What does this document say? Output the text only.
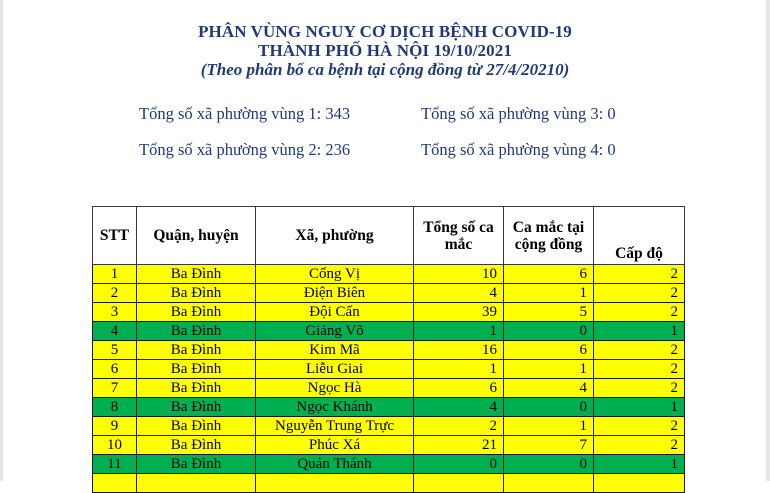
PHÂN VÙNG NGUY CƠ DỊCH BỆNH COVID-19
THÀNH PHỐ HÀ NỘI 19/10/2021
(Theo phân bố ca bệnh tại cộng đồng từ 27/4/20210)
Tổng số xã phường vùng 1: 343	Tổng số xã phường vùng 3: 0
Tổng số xã phường vùng 2: 236	Tổng số xã phường vùng 4: 0
STT	Quận, huyện	Xã, phường	Tổng số ca mắc	Ca mắc tại cộng đồng	Cấp độ
1	Ba Đình	Cống Vị	10	6	2
2	Ba Đình	Điện Biên	4	1	2
3	Ba Đình	Đội Cấn	39	5	2
4	Ba Đình	Giảng Võ	1	0	1
5	Ba Đình	Kim Mã	16	6	2
6	Ba Đình	Liễu Giai	1	1	2
7	Ba Đình	Ngọc Hà	6	4	2
8	Ba Đình	Ngọc Khánh	4	0	1
9	Ba Đình	Nguyễn Trung Trực	2	1	2
10	Ba Đình	Phúc Xá	21	7	2
11	Ba Đình	Quán Thánh	0	0	1
